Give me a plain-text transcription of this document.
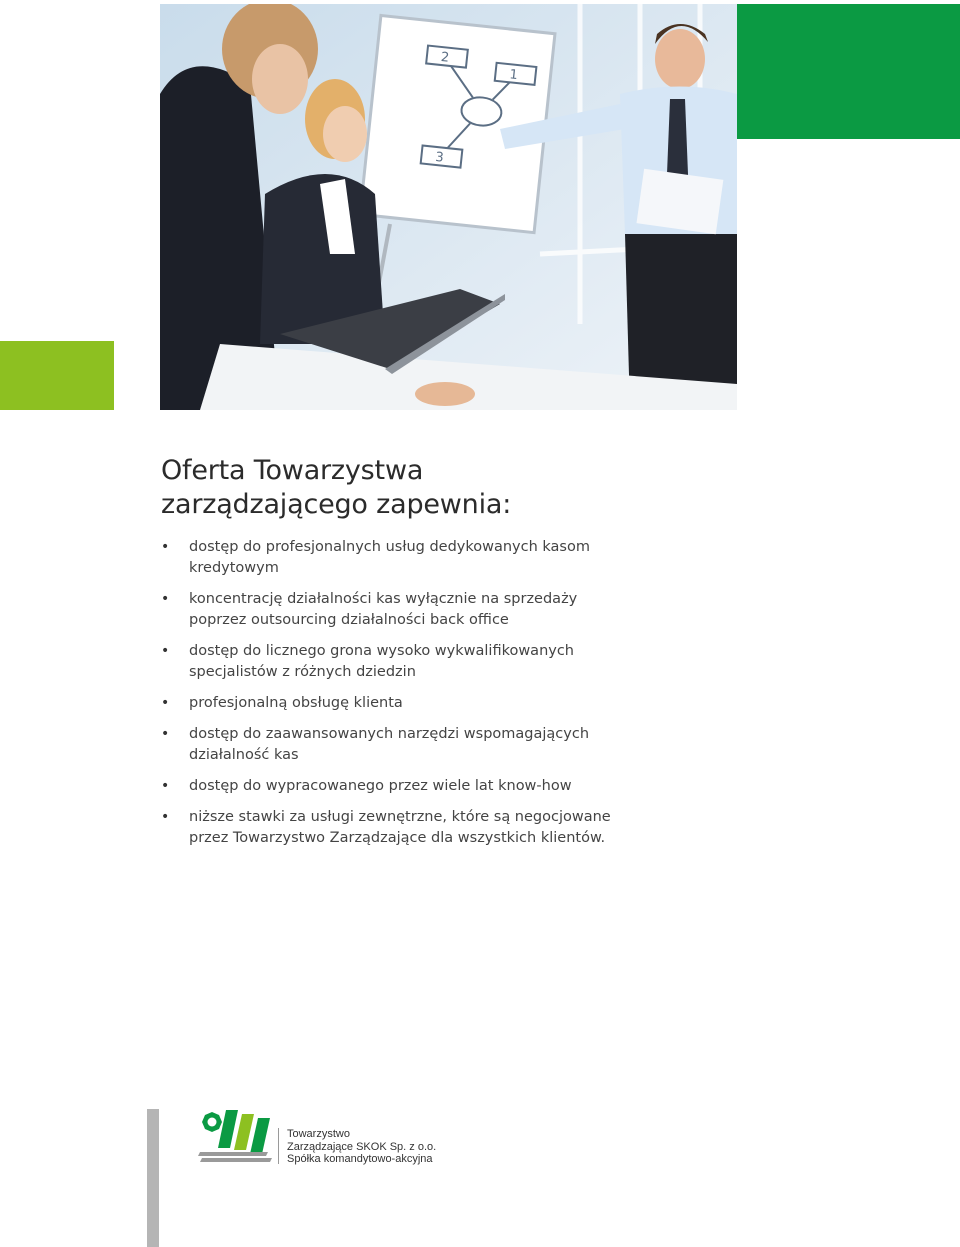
2
1
3
Oferta Towarzystwa
zarządzającego zapewnia:
• dostęp do profesjonalnych usług dedykowanych kasom kredytowym
• koncentrację działalności kas wyłącznie na sprzedaży poprzez outsourcing działalności back office
• dostęp do licznego grona wysoko wykwalifikowanych specjalistów z różnych dziedzin
• profesjonalną obsługę klienta
• dostęp do zaawansowanych narzędzi wspomagających działalność kas
• dostęp do wypracowanego przez wiele lat know-how
• niższe stawki za usługi zewnętrzne, które są negocjowane przez Towarzystwo Zarządzające dla wszystkich klientów.
Towarzystwo
Zarządzające SKOK Sp. z o.o.
Spółka komandytowo-akcyjna
